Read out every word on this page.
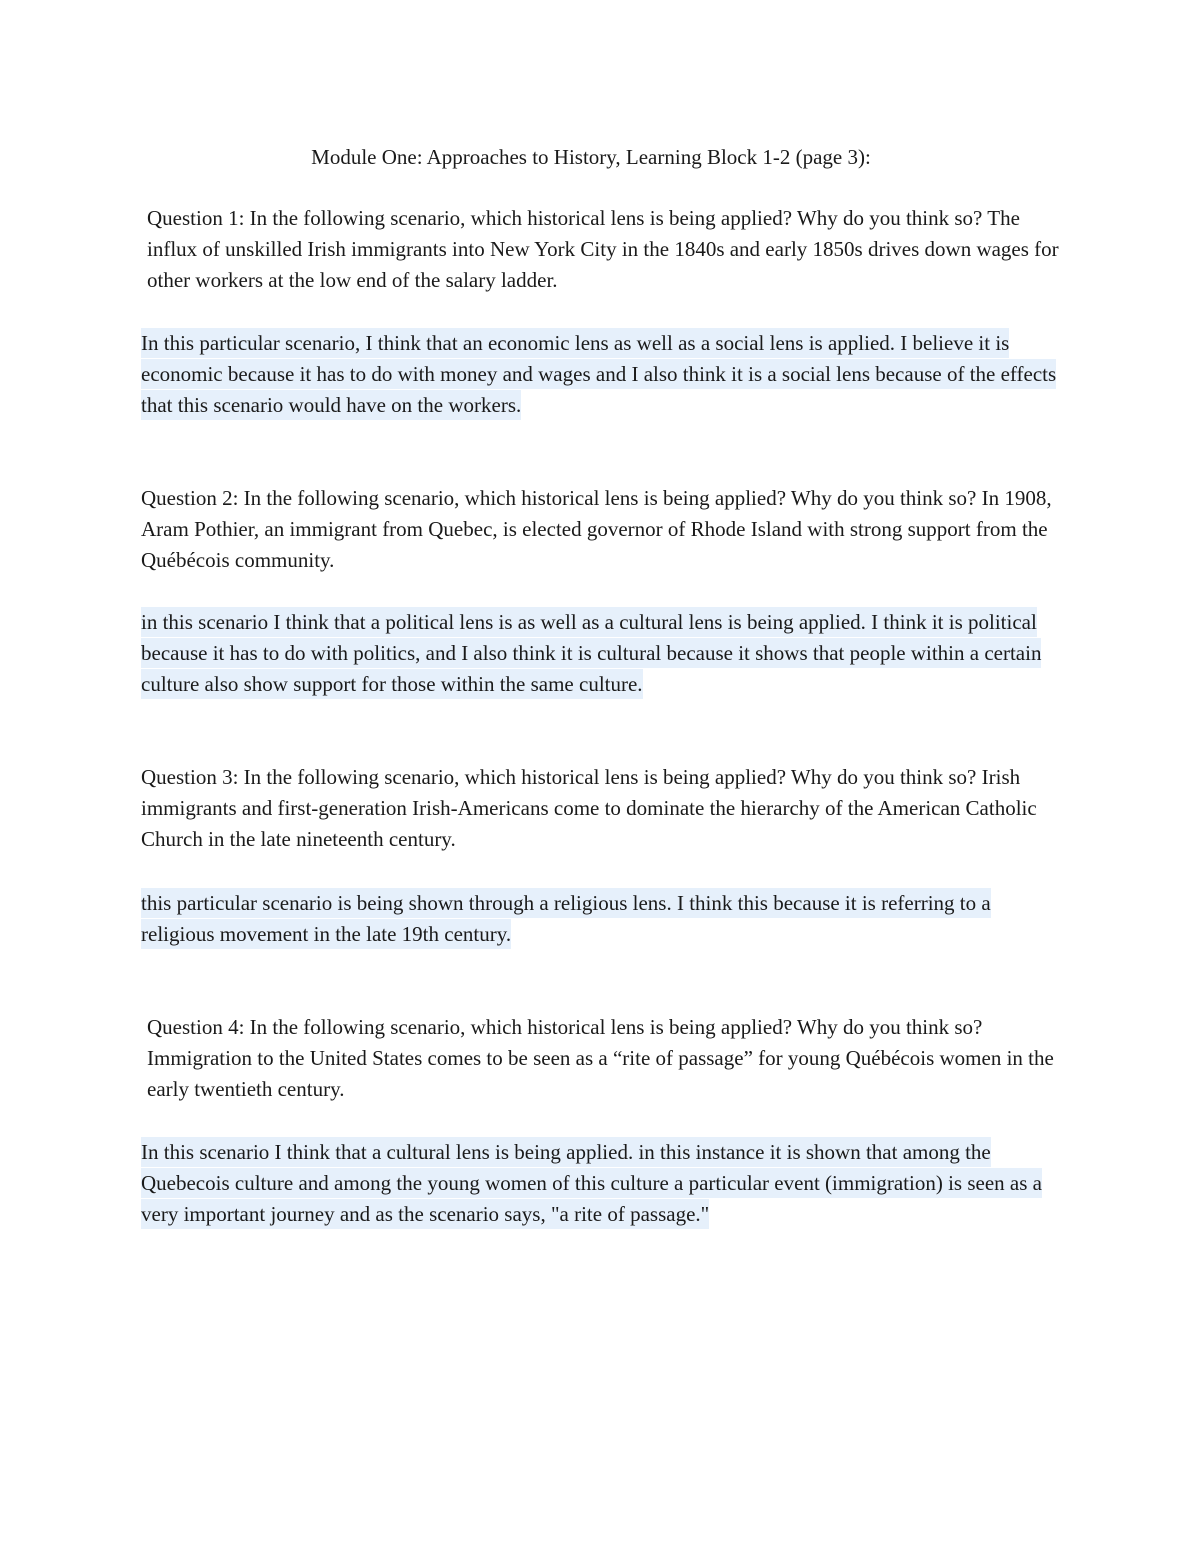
Module One: Approaches to History, Learning Block 1-2 (page 3):

Question 1: In the following scenario, which historical lens is being applied? Why do you think so? The influx of unskilled Irish immigrants into New York City in the 1840s and early 1850s drives down wages for other workers at the low end of the salary ladder.

In this particular scenario, I think that an economic lens as well as a social lens is applied. I believe it is economic because it has to do with money and wages and I also think it is a social lens because of the effects that this scenario would have on the workers.

Question 2: In the following scenario, which historical lens is being applied? Why do you think so? In 1908, Aram Pothier, an immigrant from Quebec, is elected governor of Rhode Island with strong support from the Québécois community.

in this scenario I think that a political lens is as well as a cultural lens is being applied. I think it is political because it has to do with politics, and I also think it is cultural because it shows that people within a certain culture also show support for those within the same culture.

Question 3: In the following scenario, which historical lens is being applied? Why do you think so? Irish immigrants and first-generation Irish-Americans come to dominate the hierarchy of the American Catholic Church in the late nineteenth century.

this particular scenario is being shown through a religious lens. I think this because it is referring to a religious movement in the late 19th century.

Question 4: In the following scenario, which historical lens is being applied? Why do you think so? Immigration to the United States comes to be seen as a “rite of passage” for young Québécois women in the early twentieth century.

In this scenario I think that a cultural lens is being applied. in this instance it is shown that among the Quebecois culture and among the young women of this culture a particular event (immigration) is seen as a very important journey and as the scenario says, "a rite of passage."
